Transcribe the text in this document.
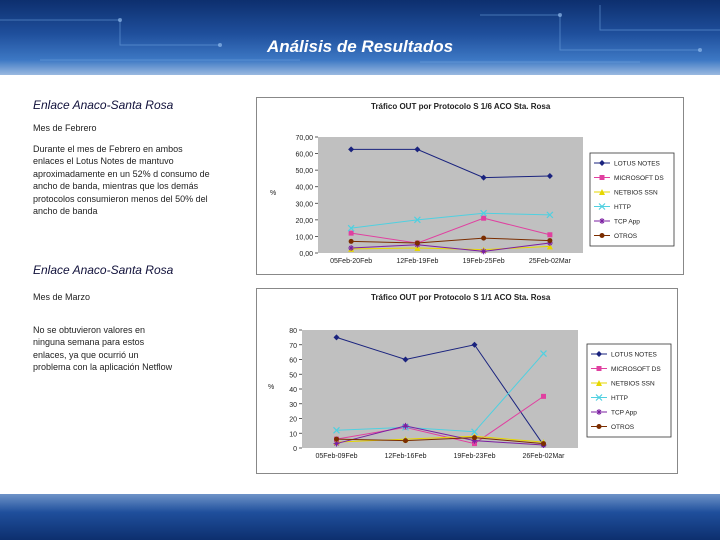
Análisis de Resultados
Enlace Anaco-Santa Rosa
Mes de Febrero
Durante el mes de Febrero en ambos enlaces el Lotus Notes de mantuvo aproximadamente en un 52% d consumo de ancho de banda, mientras que los demás protocolos consumieron menos del 50% del ancho de banda
Enlace Anaco-Santa Rosa
Mes de Marzo
No se obtuvieron valores en ninguna semana para estos enlaces, ya que ocurrió un problema con la aplicación Netflow
Tráfico OUT por Protocolo S 1/6 ACO Sta. Rosa
70,00
60,00
50,00
40,00
30,00
20,00
10,00
0,00
%
05Feb-20Feb	12Feb-19Feb	19Feb-25Feb	25Feb-02Mar
LOTUS NOTES
MICROSOFT DS
NETBIOS SSN
HTTP
TCP App
OTROS
Tráfico OUT por Protocolo S 1/1 ACO Sta. Rosa
80
70
60
50
40
30
20
10
0
%
05Feb-09Feb	12Feb-16Feb	19Feb-23Feb	26Feb-02Mar
LOTUS NOTES
MICROSOFT DS
NETBIOS SSN
HTTP
TCP App
OTROS
